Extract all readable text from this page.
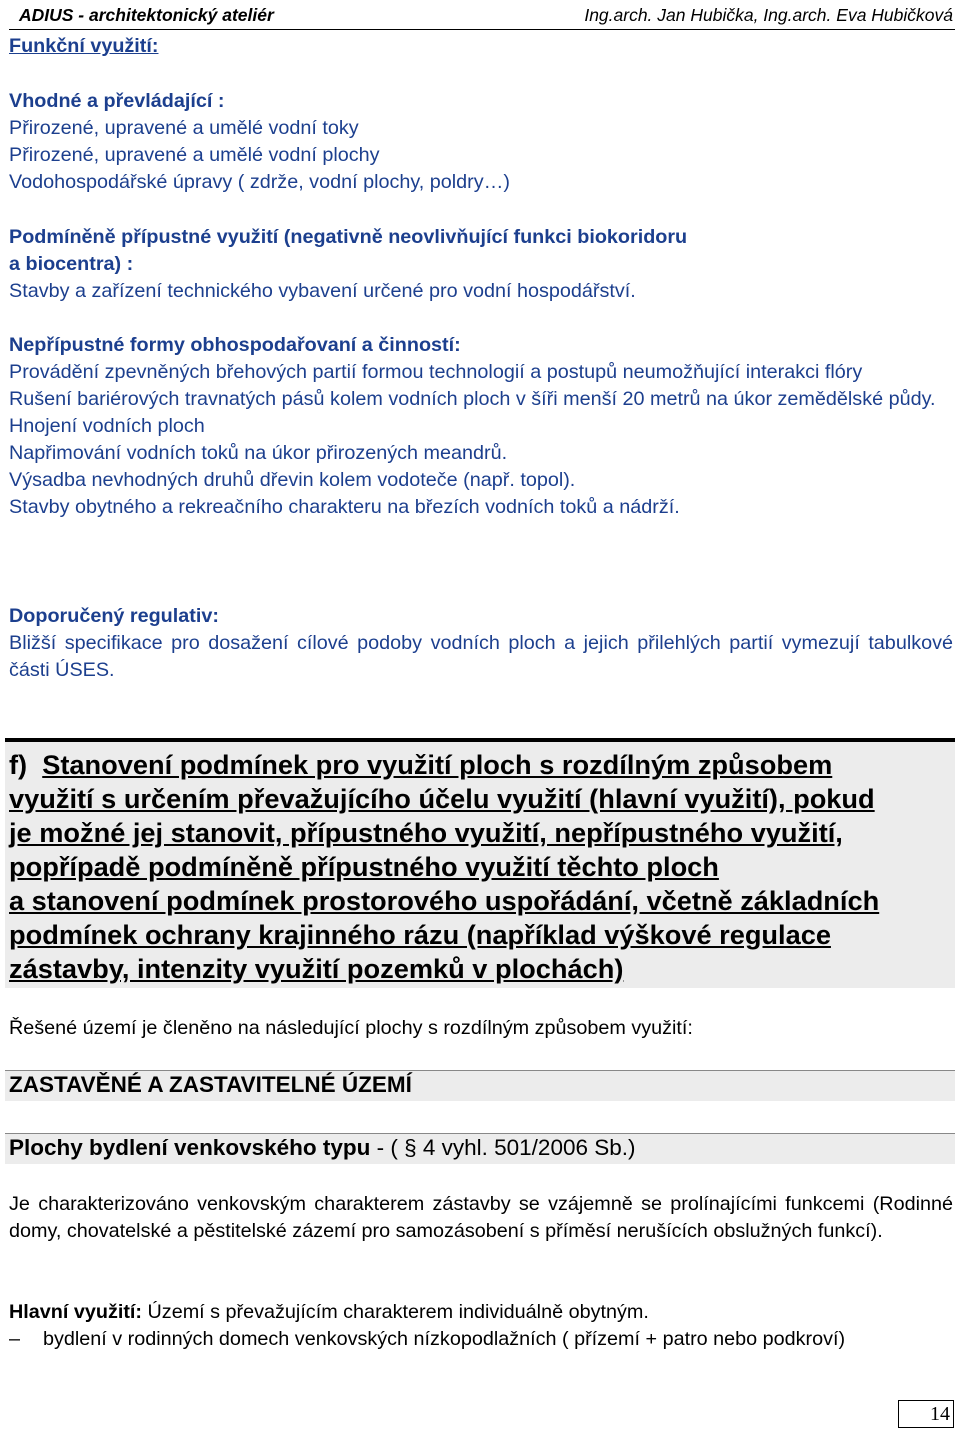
ADIUS - architektonický ateliér	Ing.arch. Jan Hubička, Ing.arch. Eva Hubičková

Funkční využití:

Vhodné a převládající :

Přirozené, upravené a umělé vodní toky

Přirozené, upravené a umělé vodní plochy

Vodohospodářské úpravy ( zdrže, vodní plochy, poldry…)

Podmíněně přípustné využití (negativně neovlivňující funkci biokoridoru

a biocentra) :

Stavby a zařízení technického vybavení určené pro vodní hospodářství.

Nepřípustné formy obhospodařovaní a činností:

Provádění zpevněných břehových partií formou technologií a postupů neumožňující interakci flóry

Rušení bariérových travnatých pásů kolem vodních ploch v šíři menší 20 metrů na úkor zemědělské půdy.

Hnojení vodních ploch

Napřimování vodních toků na úkor přirozených meandrů.

Výsadba nevhodných druhů dřevin kolem vodoteče (např. topol).

Stavby obytného a rekreačního charakteru na březích vodních toků a nádrží.

Doporučený regulativ:

Bližší specifikace pro dosažení cílové podoby vodních ploch a jejich přilehlých partií vymezují tabulkové části ÚSES.

f) Stanovení podmínek pro využití ploch s rozdílným způsobem
využití s určením převažujícího účelu využití (hlavní využití), pokud
je možné jej stanovit, přípustného využití, nepřípustného využití,
popřípadě podmíněně přípustného využití těchto ploch
a stanovení podmínek prostorového uspořádání, včetně základních
podmínek ochrany krajinného rázu (například výškové regulace
zástavby, intenzity využití pozemků v plochách)

Řešené území je členěno na následující plochy s rozdílným způsobem využití:

ZASTAVĚNÉ A ZASTAVITELNÉ ÚZEMÍ
Plochy bydlení venkovského typu - ( § 4 vyhl. 501/2006 Sb.)

Je charakterizováno venkovským charakterem zástavby se vzájemně se prolínajícími funkcemi (Rodinné domy, chovatelské a pěstitelské zázemí pro samozásobení s příměsí nerušících obslužných funkcí).

Hlavní využití: Území s převažujícím charakterem individuálně obytným.

– bydlení v rodinných domech venkovských nízkopodlažních ( přízemí + patro nebo podkroví)
14
